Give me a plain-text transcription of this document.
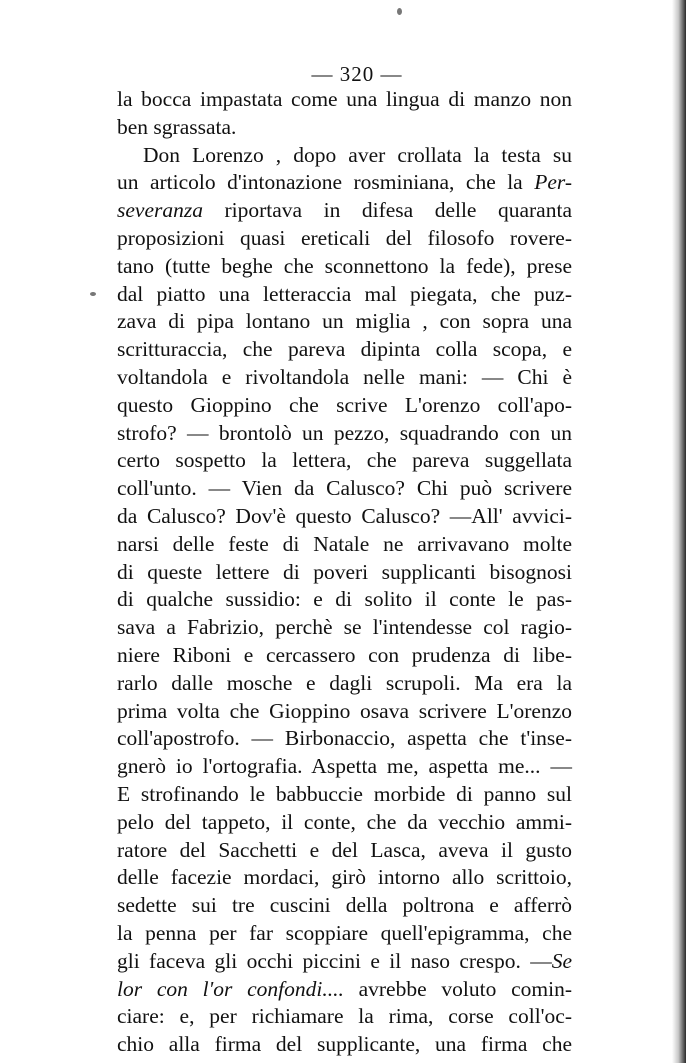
— 320 —
la bocca impastata come una lingua di manzo non
ben sgrassata.
Don Lorenzo , dopo aver crollata la testa su
un articolo d'intonazione rosminiana, che la Per-
severanza riportava in difesa delle quaranta
proposizioni quasi ereticali del filosofo rovere-
tano (tutte beghe che sconnettono la fede), prese
dal piatto una letteraccia mal piegata, che puz-
zava di pipa lontano un miglia , con sopra una
scritturaccia, che pareva dipinta colla scopa, e
voltandola e rivoltandola nelle mani: — Chi è
questo Gioppino che scrive L'orenzo coll'apo-
strofo? — brontolò un pezzo, squadrando con un
certo sospetto la lettera, che pareva suggellata
coll'unto. — Vien da Calusco? Chi può scrivere
da Calusco? Dov'è questo Calusco? —All' avvici-
narsi delle feste di Natale ne arrivavano molte
di queste lettere di poveri supplicanti bisognosi
di qualche sussidio: e di solito il conte le pas-
sava a Fabrizio, perchè se l'intendesse col ragio-
niere Riboni e cercassero con prudenza di libe-
rarlo dalle mosche e dagli scrupoli. Ma era la
prima volta che Gioppino osava scrivere L'orenzo
coll'apostrofo. — Birbonaccio, aspetta che t'inse-
gnerò io l'ortografia. Aspetta me, aspetta me... —
E strofinando le babbuccie morbide di panno sul
pelo del tappeto, il conte, che da vecchio ammi-
ratore del Sacchetti e del Lasca, aveva il gusto
delle facezie mordaci, girò intorno allo scrittoio,
sedette sui tre cuscini della poltrona e afferrò
la penna per far scoppiare quell'epigramma, che
gli faceva gli occhi piccini e il naso crespo. —Se
lor con l'or confondi.... avrebbe voluto comin-
ciare: e, per richiamare la rima, corse coll'oc-
chio alla firma del supplicante, una firma che
